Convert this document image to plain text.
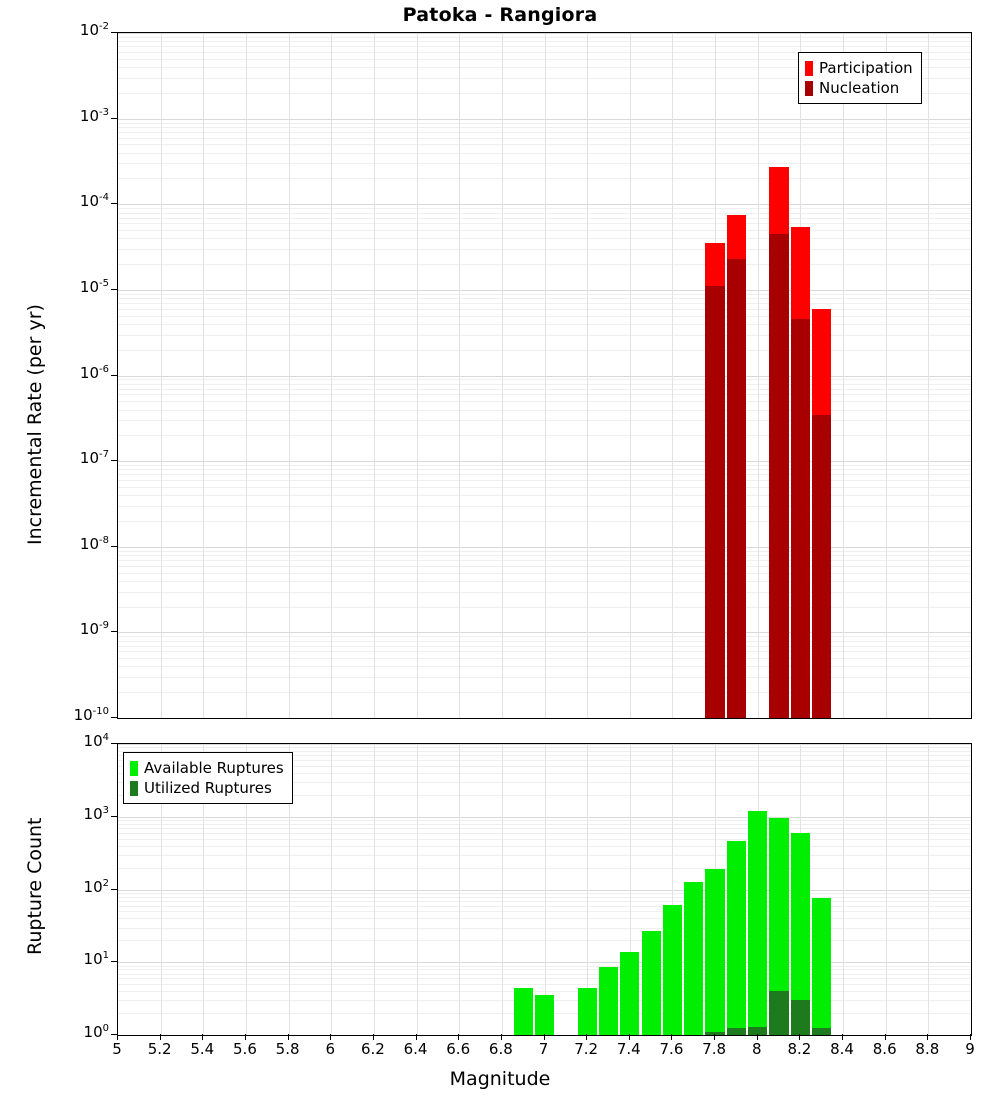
Patoka - Rangiora
Incremental Rate (per yr)
$10^{-2}$
$10^{-3}$
$10^{-4}$
$10^{-5}$
$10^{-6}$
$10^{-7}$
$10^{-8}$
$10^{-9}$
$10^{-10}$
Participation
Nucleation
Rupture Count
$10^0$
$10^1$
$10^2$
$10^3$
$10^4$
5 5.2 5.4 5.6 5.8 6 6.2 6.4 6.6 6.8 7 7.2 7.4 7.6 7.8 8 8.2 8.4 8.6 8.8 9
Available Ruptures
Utilized Ruptures
Magnitude
